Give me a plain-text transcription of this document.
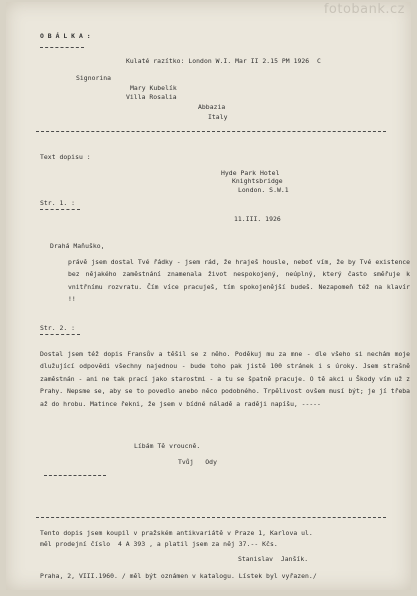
fotobank.cz
O B Á L K A :
Kulaté razítko: London W.I. Mar II 2.15 PM 1926  C
Signorina
Mary Kubelík
Villa Rosalia
Abbazia
Italy
Text dopisu :
Hyde Park Hotel
Knightsbridge
London. S.W.1
Str. 1. :
11.III. 1926
Drahá Maňuško,
právě jsem dostal Tvé řádky - jsem rád, že hraješ housle, neboť vím, že by Tvé existence bez nějakého zaměstnání znamenala život nespokojený, neúplný, který často směřuje k vnitřnímu rozvratu. Čím více pracuješ, tím spokojenější budeš. Nezapomeň též na klavír !!
Str. 2. :
Dostal jsem též dopis Fransův a těšil se z něho. Poděkuj mu za mne - dle všeho si nechám moje dlužující odpovědi všechny najednou - bude toho pak jistě 100 stránek i s úroky. Jsem strašně zaměstnán - ani ne tak prací jako starostmi - a tu se špatně pracuje. O tě akci u Škody vím už z Prahy. Nepsme se, aby se to povedlo anebo něco podobného. Trpělivost ovšem musí být; je jí třeba až do hrobu. Matince řekni, že jsem v bídné náladě a raději napíšu, -----
Líbám Tě vroucně.
Tvůj   Ody
Tento dopis jsem koupil v pražském antikvariátě v Praze 1, Karlova ul.
měl prodejní číslo  4 A 393 , a platil jsem za něj 37.-- Kčs.
Stanislav  Janšík.
Praha, 2, VIII.1960. / měl být oznámen v katalogu. Lístek byl vyřazen./
